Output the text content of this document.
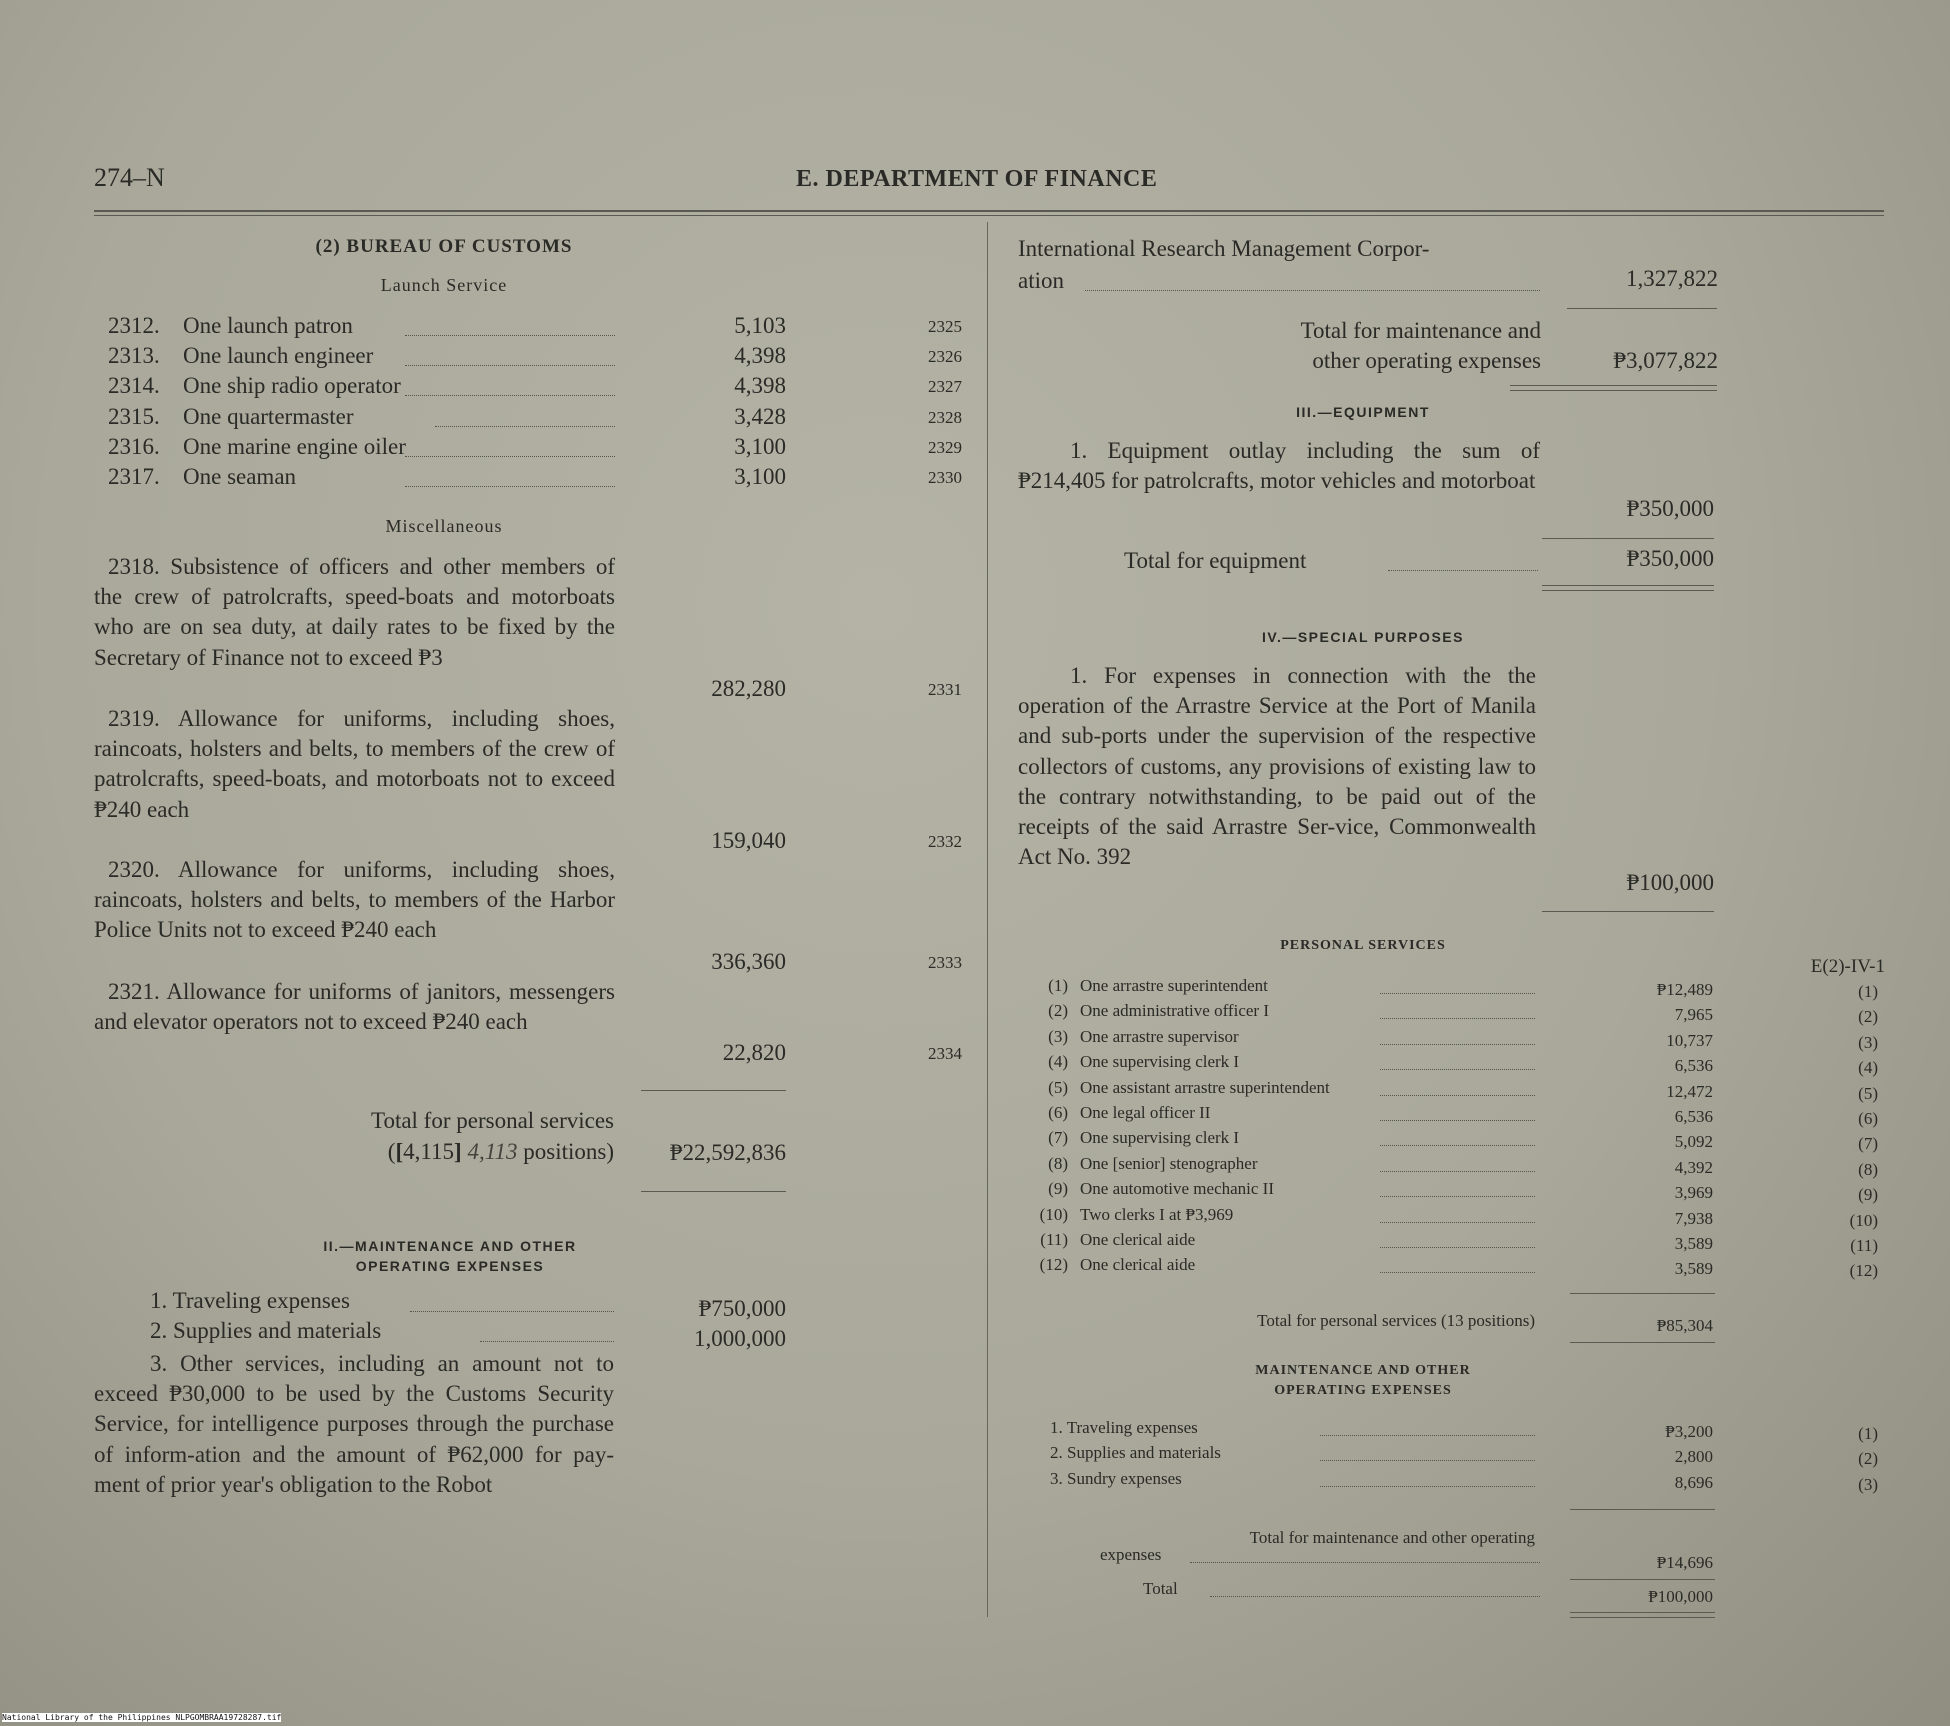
274–N	E. DEPARTMENT OF FINANCE
(2) BUREAU OF CUSTOMS
Launch Service
2312. One launch patron	5,103	2325
2313. One launch engineer	4,398	2326
2314. One ship radio operator	4,398	2327
2315. One quartermaster	3,428	2328
2316. One marine engine oiler	3,100	2329
2317. One seaman	3,100	2330
Miscellaneous
2318. Subsistence of officers and other members of the crew of patrolcrafts, speed-boats and motorboats who are on sea duty, at daily rates to be fixed by the Secretary of Finance not to exceed ₱3
282,280	2331
2319. Allowance for uniforms, including shoes, raincoats, holsters and belts, to members of the crew of patrolcrafts, speed-boats, and motorboats not to exceed ₱240 each
159,040	2332
2320. Allowance for uniforms, including shoes, raincoats, holsters and belts, to members of the Harbor Police Units not to exceed ₱240 each
336,360	2333
2321. Allowance for uniforms of janitors, messengers and elevator operators not to exceed ₱240 each
22,820	2334
Total for personal services
([4,115] 4,113 positions)	₱22,592,836
II.—MAINTENANCE AND OTHER
OPERATING EXPENSES
1. Traveling expenses	₱750,000
2. Supplies and materials	1,000,000
3. Other services, including an amount not to exceed ₱30,000 to be used by the Customs Security Service, for intelligence purposes through the purchase of inform-ation and the amount of ₱62,000 for pay-ment of prior year's obligation to the Robot
International Research Management Corpor-
ation	1,327,822
Total for maintenance and
other operating expenses	₱3,077,822
III.—EQUIPMENT
1. Equipment outlay including the sum of ₱214,405 for patrolcrafts, motor vehicles and motorboat
₱350,000
Total for equipment	₱350,000
IV.—SPECIAL PURPOSES
1. For expenses in connection with the the operation of the Arrastre Service at the Port of Manila and sub-ports under the supervision of the respective collectors of customs, any provisions of existing law to the contrary notwithstanding, to be paid out of the receipts of the said Arrastre Ser-vice, Commonwealth Act No. 392
₱100,000
PERSONAL SERVICES
E(2)-IV-1
(1) One arrastre superintendent	₱12,489	(1)
(2) One administrative officer I	7,965	(2)
(3) One arrastre supervisor	10,737	(3)
(4) One supervising clerk I	6,536	(4)
(5) One assistant arrastre superintendent	12,472	(5)
(6) One legal officer II	6,536	(6)
(7) One supervising clerk I	5,092	(7)
(8) One [senior] stenographer	4,392	(8)
(9) One automotive mechanic II	3,969	(9)
(10) Two clerks I at ₱3,969	7,938	(10)
(11) One clerical aide	3,589	(11)
(12) One clerical aide	3,589	(12)
Total for personal services (13 positions)	₱85,304
MAINTENANCE AND OTHER
OPERATING EXPENSES
1. Traveling expenses	₱3,200	(1)
2. Supplies and materials	2,800	(2)
3. Sundry expenses	8,696	(3)
Total for maintenance and other operating
expenses	₱14,696
Total	₱100,000
National Library of the Philippines NLPGOMBRAA19728287.tif
